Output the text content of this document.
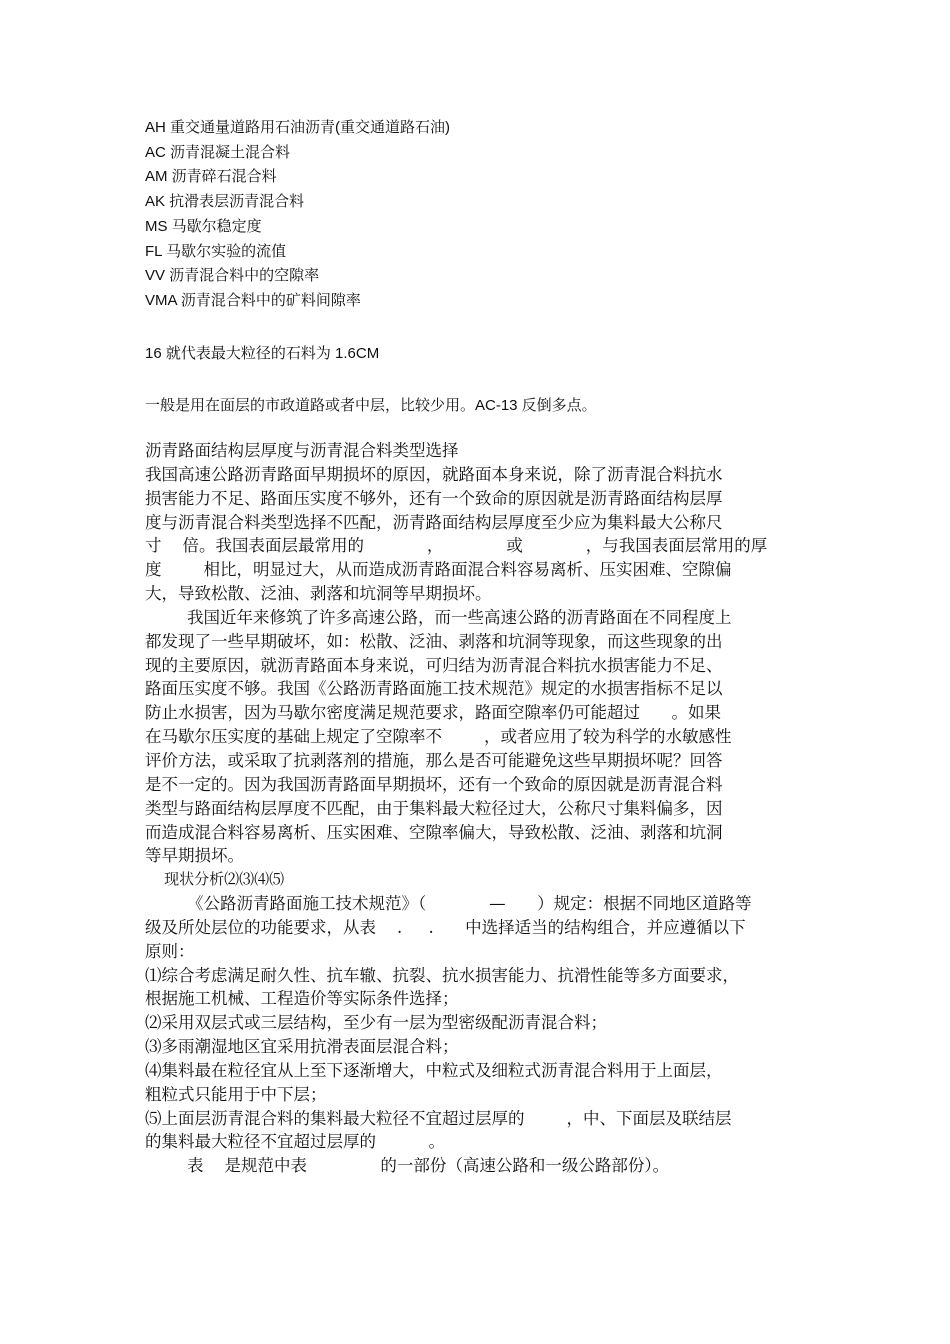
AH 重交通量道路用石油沥青(重交通道路石油)
AC 沥青混凝土混合料
AM 沥青碎石混合料
AK 抗滑表层沥青混合料
MS 马歇尔稳定度
FL 马歇尔实验的流值
VV 沥青混合料中的空隙率
VMA 沥青混合料中的矿料间隙率

16 就代表最大粒径的石料为 1.6CM

一般是用在面层的市政道路或者中层，比较少用。AC-13 反倒多点。

沥青路面结构层厚度与沥青混合料类型选择
我国高速公路沥青路面早期损坏的原因，就路面本身来说，除了沥青混合料抗水
损害能力不足、路面压实度不够外，还有一个致命的原因就是沥青路面结构层厚
度与沥青混合料类型选择不匹配，沥青路面结构层厚度至少应为集料最大公称尺
寸    倍。我国表面层最常用的            ，            或            ，与我国表面层常用的厚
度        相比，明显过大，从而造成沥青路面混合料容易离析、压实困难、空隙偏
大，导致松散、泛油、剥落和坑洞等早期损坏。
我国近年来修筑了许多高速公路，而一些高速公路的沥青路面在不同程度上
都发现了一些早期破坏，如：松散、泛油、剥落和坑洞等现象，而这些现象的出
现的主要原因，就沥青路面本身来说，可归结为沥青混合料抗水损害能力不足、
路面压实度不够。我国《公路沥青路面施工技术规范》规定的水损害指标不足以
防止水损害，因为马歇尔密度满足规范要求，路面空隙率仍可能超过      。如果
在马歇尔压实度的基础上规定了空隙率不        ，或者应用了较为科学的水敏感性
评价方法，或采取了抗剥落剂的措施，那么是否可能避免这些早期损坏呢？回答
是不一定的。因为我国沥青路面早期损坏，还有一个致命的原因就是沥青混合料
类型与路面结构层厚度不匹配，由于集料最大粒径过大，公称尺寸集料偏多，因
而造成混合料容易离析、压实困难、空隙率偏大，导致松散、泛油、剥落和坑洞
等早期损坏。
现状分析⑵⑶⑷⑸
《公路沥青路面施工技术规范》（            —      ）规定：根据不同地区道路等
级及所处层位的功能要求，从表    .     .      中选择适当的结构组合，并应遵循以下
原则：
⑴综合考虑满足耐久性、抗车辙、抗裂、抗水损害能力、抗滑性能等多方面要求，
根据施工机械、工程造价等实际条件选择；
⑵采用双层式或三层结构，至少有一层为型密级配沥青混合料；
⑶多雨潮湿地区宜采用抗滑表面层混合料；
⑷集料最在粒径宜从上至下逐渐增大，中粒式及细粒式沥青混合料用于上面层，
粗粒式只能用于中下层；
⑸上面层沥青混合料的集料最大粒径不宜超过层厚的        ，中、下面层及联结层
的集料最大粒径不宜超过层厚的          。
表    是规范中表              的一部份（高速公路和一级公路部份）。
